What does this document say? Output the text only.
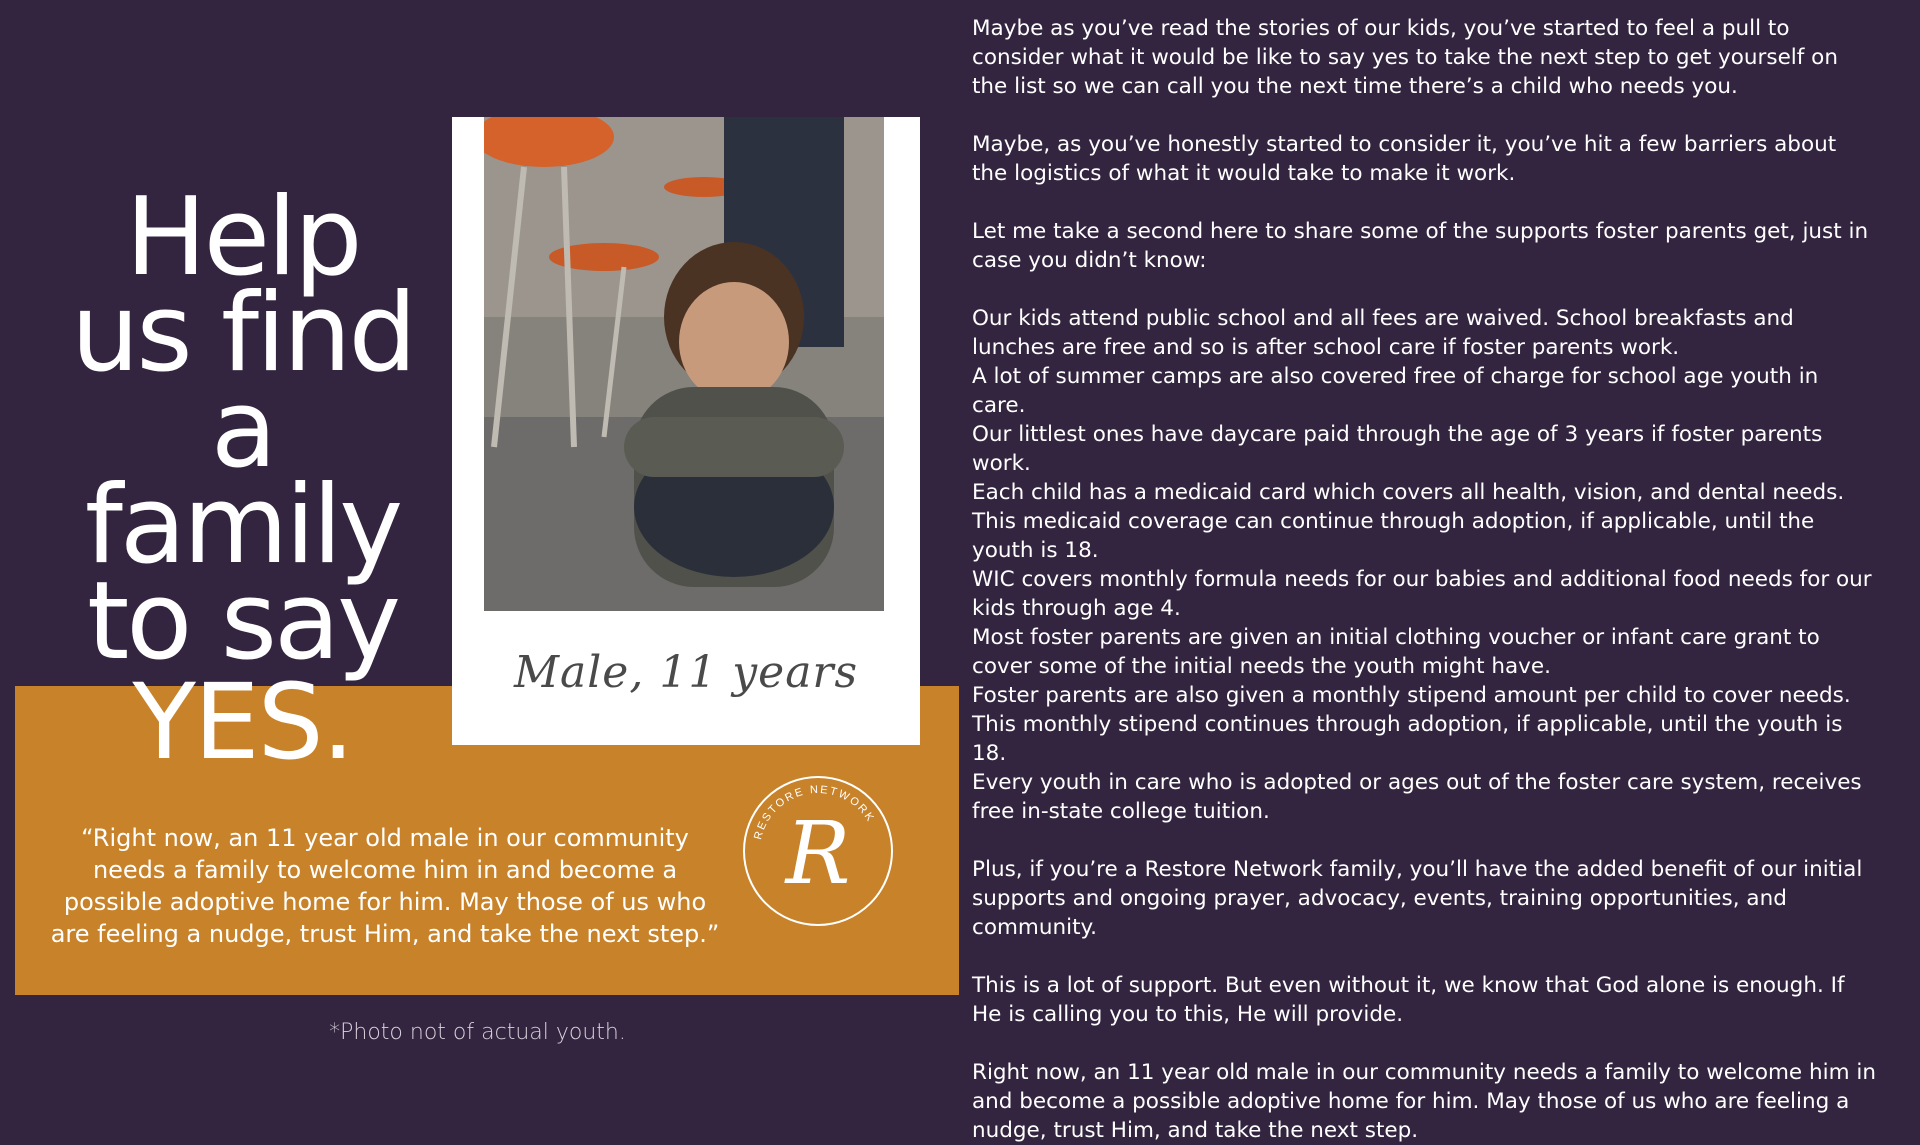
Help
us find
a
family
to say
YES.	Male, 11 years

“Right now, an 11 year old male in our community needs a family to welcome him in and become a possible adoptive home for him. May those of us who are feeling a nudge, trust Him, and take the next step.”

RESTORE NETWORK
R
*Photo not of actual youth.

Maybe as you’ve read the stories of our kids, you’ve started to feel a pull to consider what it would be like to say yes to take the next step to get yourself on the list so we can call you the next time there’s a child who needs you.

Maybe, as you’ve honestly started to consider it, you’ve hit a few barriers about the logistics of what it would take to make it work.

Let me take a second here to share some of the supports foster parents get, just in case you didn’t know:

Our kids attend public school and all fees are waived. School breakfasts and lunches are free and so is after school care if foster parents work.

A lot of summer camps are also covered free of charge for school age youth in care.

Our littlest ones have daycare paid through the age of 3 years if foster parents work.

Each child has a medicaid card which covers all health, vision, and dental needs.

This medicaid coverage can continue through adoption, if applicable, until the youth is 18.

WIC covers monthly formula needs for our babies and additional food needs for our kids through age 4.

Most foster parents are given an initial clothing voucher or infant care grant to cover some of the initial needs the youth might have.

Foster parents are also given a monthly stipend amount per child to cover needs.

This monthly stipend continues through adoption, if applicable, until the youth is 18.

Every youth in care who is adopted or ages out of the foster care system, receives free in-state college tuition.

Plus, if you’re a Restore Network family, you’ll have the added benefit of our initial supports and ongoing prayer, advocacy, events, training opportunities, and community.

This is a lot of support. But even without it, we know that God alone is enough. If He is calling you to this, He will provide.

Right now, an 11 year old male in our community needs a family to welcome him in and become a possible adoptive home for him. May those of us who are feeling a nudge, trust Him, and take the next step.
